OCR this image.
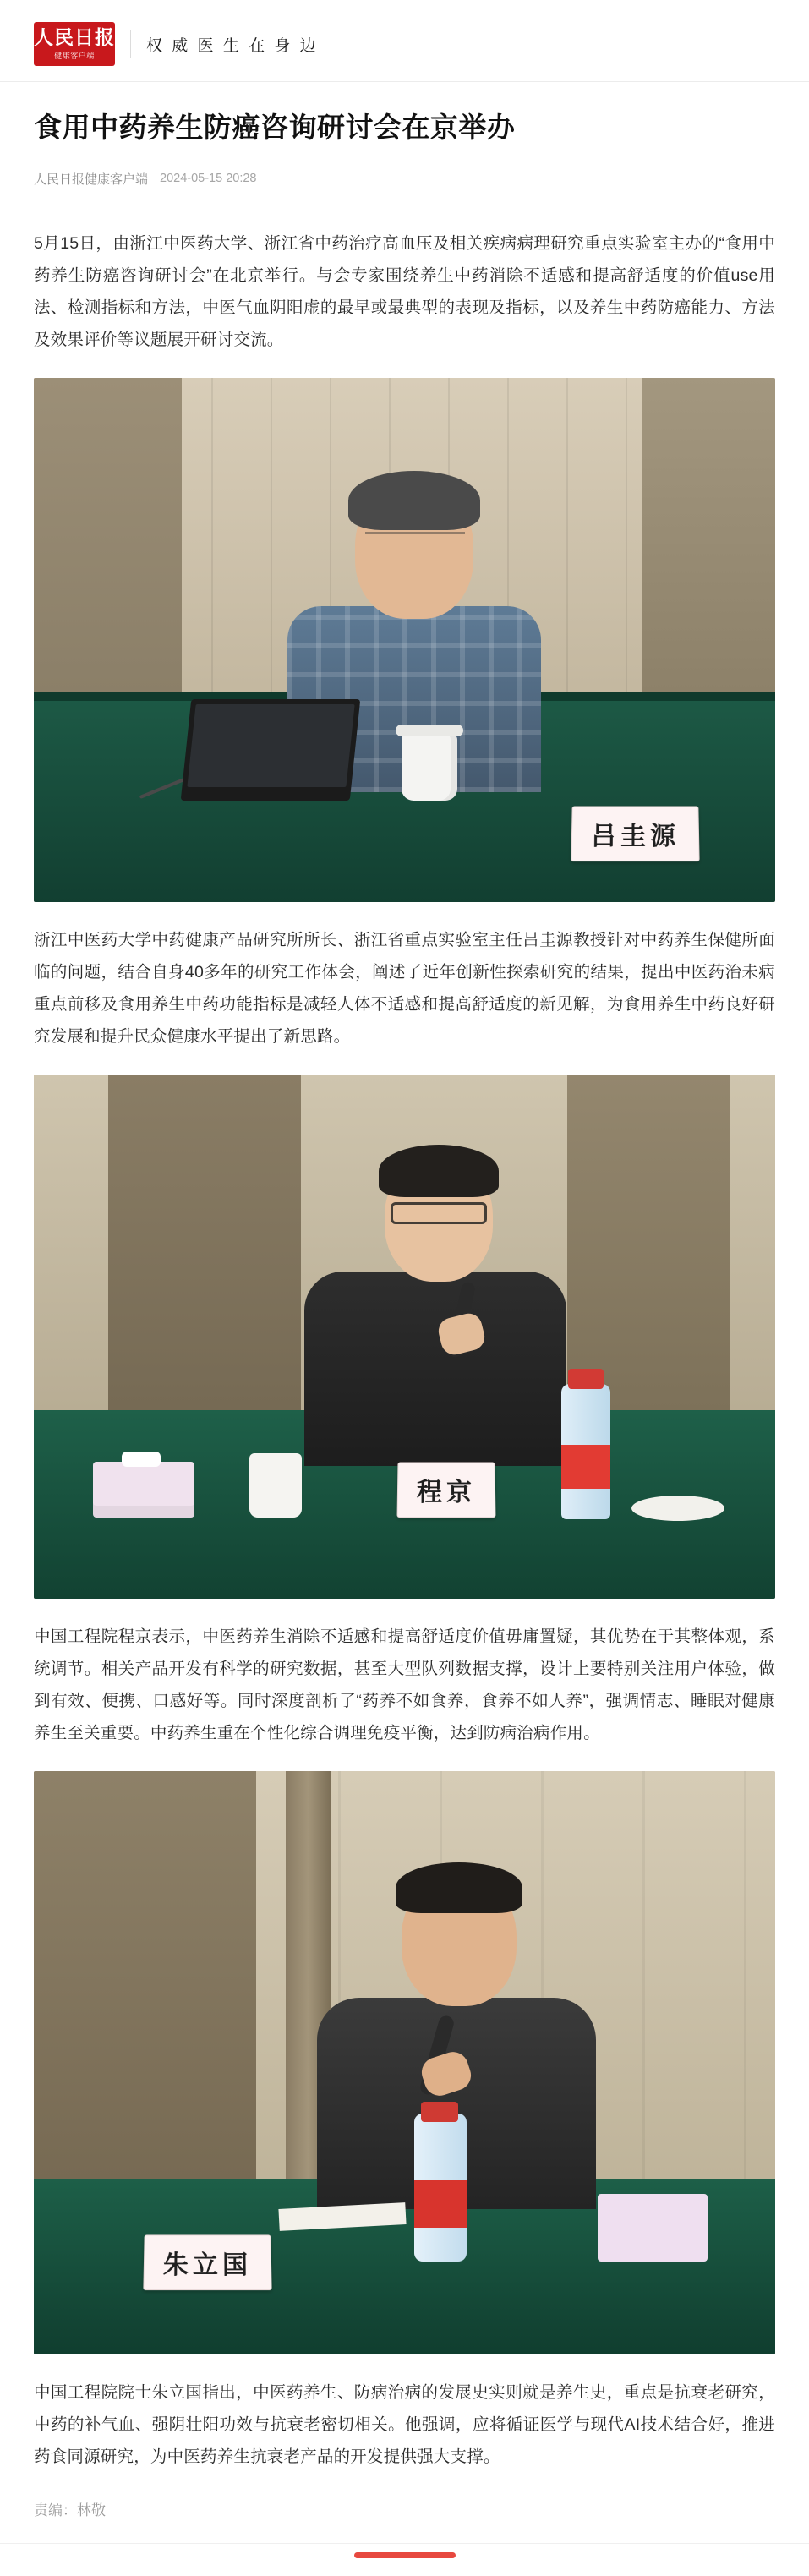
人民日报
健康客户端
权 威 医 生 在 身 边
食用中药养生防癌咨询研讨会在京举办
人民日报健康客户端 2024-05-15 20:28

5月15日，由浙江中医药大学、浙江省中药治疗高血压及相关疾病病理研究重点实验室主办的“食用中药养生防癌咨询研讨会”在北京举行。与会专家围绕养生中药消除不适感和提高舒适度的价值use用法、检测指标和方法，中医气血阴阳虚的最早或最典型的表现及指标，以及养生中药防癌能力、方法及效果评价等议题展开研讨交流。

吕圭源

浙江中医药大学中药健康产品研究所所长、浙江省重点实验室主任吕圭源教授针对中药养生保健所面临的问题，结合自身40多年的研究工作体会，阐述了近年创新性探索研究的结果，提出中医药治未病重点前移及食用养生中药功能指标是减轻人体不适感和提高舒适度的新见解，为食用养生中药良好研究发展和提升民众健康水平提出了新思路。

程京

中国工程院程京表示，中医药养生消除不适感和提高舒适度价值毋庸置疑，其优势在于其整体观，系统调节。相关产品开发有科学的研究数据，甚至大型队列数据支撑，设计上要特别关注用户体验，做到有效、便携、口感好等。同时深度剖析了“药养不如食养，食养不如人养”，强调情志、睡眠对健康养生至关重要。中药养生重在个性化综合调理免疫平衡，达到防病治病作用。

朱立国

中国工程院院士朱立国指出，中医药养生、防病治病的发展史实则就是养生史，重点是抗衰老研究，中药的补气血、强阴壮阳功效与抗衰老密切相关。他强调，应将循证医学与现代AI技术结合好，推进药食同源研究，为中医药养生抗衰老产品的开发提供强大支撑。

责编：林敬
